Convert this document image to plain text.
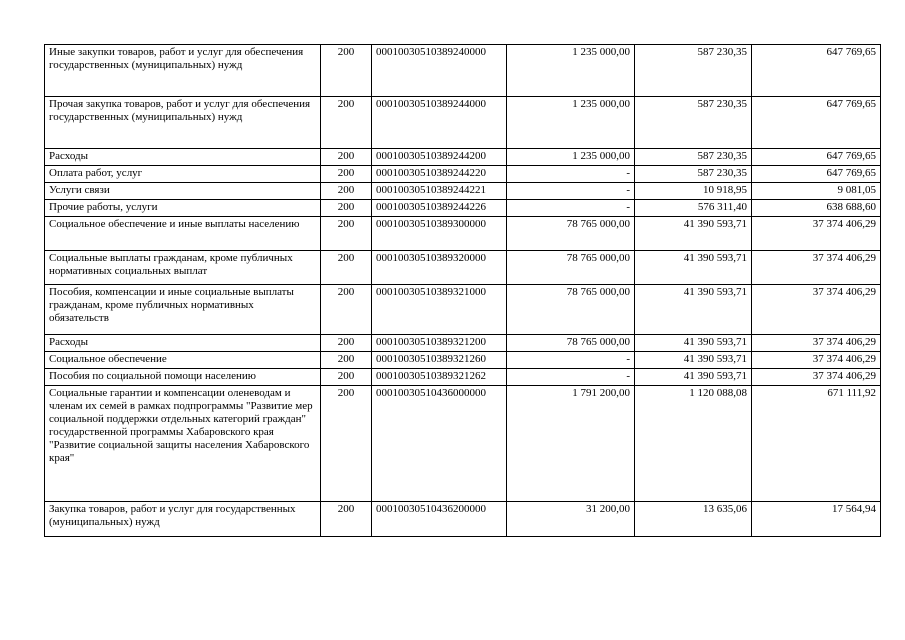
Иные закупки товаров, работ и услуг для обеспечения государственных (муниципальных) нужд	200	00010030510389240000	1 235 000,00	587 230,35	647 769,65
Прочая закупка товаров, работ и услуг для обеспечения государственных (муниципальных) нужд	200	00010030510389244000	1 235 000,00	587 230,35	647 769,65
Расходы	200	00010030510389244200	1 235 000,00	587 230,35	647 769,65
Оплата работ, услуг	200	00010030510389244220	-	587 230,35	647 769,65
Услуги связи	200	00010030510389244221	-	10 918,95	9 081,05
Прочие работы, услуги	200	00010030510389244226	-	576 311,40	638 688,60
Социальное обеспечение и иные выплаты населению	200	00010030510389300000	78 765 000,00	41 390 593,71	37 374 406,29
Социальные выплаты гражданам, кроме публичных нормативных социальных выплат	200	00010030510389320000	78 765 000,00	41 390 593,71	37 374 406,29
Пособия, компенсации и иные социальные выплаты гражданам, кроме публичных нормативных обязательств	200	00010030510389321000	78 765 000,00	41 390 593,71	37 374 406,29
Расходы	200	00010030510389321200	78 765 000,00	41 390 593,71	37 374 406,29
Социальное обеспечение	200	00010030510389321260	-	41 390 593,71	37 374 406,29
Пособия по социальной помощи населению	200	00010030510389321262	-	41 390 593,71	37 374 406,29
Социальные гарантии и компенсации оленеводам и членам их семей в рамках подпрограммы "Развитие мер социальной поддержки отдельных категорий граждан" государственной программы Хабаровского края "Развитие социальной защиты населения Хабаровского края"	200	00010030510436000000	1 791 200,00	1 120 088,08	671 111,92
Закупка товаров, работ и услуг для государственных (муниципальных) нужд	200	00010030510436200000	31 200,00	13 635,06	17 564,94
